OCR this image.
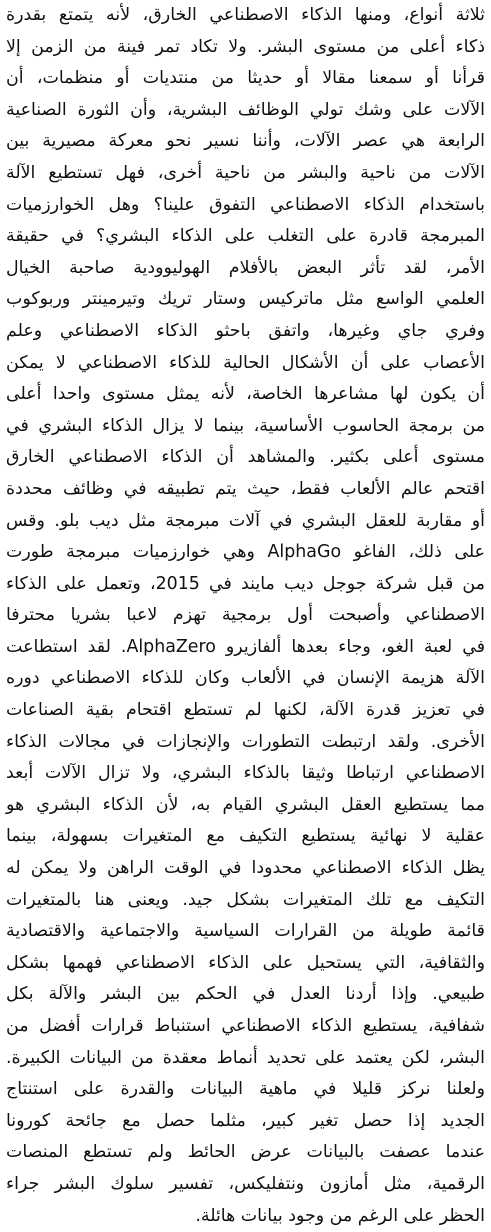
ثلاثة أنواع، ومنها الذكاء الاصطناعي الخارق، لأنه يتمتع بقدرة
ذكاء أعلى من مستوى البشر. ولا تكاد تمر فينة من الزمن إلا
قرأنا أو سمعنا مقالا أو حديثا من منتديات أو منظمات، أن
الآلات على وشك تولي الوظائف البشرية، وأن الثورة الصناعية
الرابعة هي عصر الآلات، وأننا نسير نحو معركة مصيرية بين
الآلات من ناحية والبشر من ناحية أخرى، فهل تستطيع الآلة
باستخدام الذكاء الاصطناعي التفوق علينا؟ وهل الخوارزميات
المبرمجة قادرة على التغلب على الذكاء البشري؟ في حقيقة
الأمر، لقد تأثر البعض بالأفلام الهوليوودية صاحبة الخيال
العلمي الواسع مثل ماتركيس وستار تريك وتيرمينتر وربوكوب
وفري جاي وغيرها، واتفق باحثو الذكاء الاصطناعي وعلم
الأعصاب على أن الأشكال الحالية للذكاء الاصطناعي لا يمكن
أن يكون لها مشاعرها الخاصة، لأنه يمثل مستوى واحدا أعلى
من برمجة الحاسوب الأساسية، بينما لا يزال الذكاء البشري في
مستوى أعلى بكثير. والمشاهد أن الذكاء الاصطناعي الخارق
اقتحم عالم الألعاب فقط، حيث يتم تطبيقه في وظائف محددة
أو مقاربة للعقل البشري في آلات مبرمجة مثل ديب بلو. وقس
على ذلك، الفاغو AlphaGo وهي خوارزميات مبرمجة طورت
من قبل شركة جوجل ديب مايند في 2015، وتعمل على الذكاء
الاصطناعي وأصبحت أول برمجية تهزم لاعبا بشريا محترفا
في لعبة الغو، وجاء بعدها ألفازيرو AlphaZero. لقد استطاعت
الآلة هزيمة الإنسان في الألعاب وكان للذكاء الاصطناعي دوره
في تعزيز قدرة الآلة، لكنها لم تستطع اقتحام بقية الصناعات
الأخرى. ولقد ارتبطت التطورات والإنجازات في مجالات الذكاء
الاصطناعي ارتباطا وثيقا بالذكاء البشري، ولا تزال الآلات أبعد
مما يستطيع العقل البشري القيام به، لأن الذكاء البشري هو
عقلية لا نهائية يستطيع التكيف مع المتغيرات بسهولة، بينما
يظل الذكاء الاصطناعي محدودا في الوقت الراهن ولا يمكن له
التكيف مع تلك المتغيرات بشكل جيد. ويعنى هنا بالمتغيرات
قائمة طويلة من القرارات السياسية والاجتماعية والاقتصادية
والثقافية، التي يستحيل على الذكاء الاصطناعي فهمها بشكل
طبيعي. وإذا أردنا العدل في الحكم بين البشر والآلة بكل
شفافية، يستطيع الذكاء الاصطناعي استنباط قرارات أفضل من
البشر، لكن يعتمد على تحديد أنماط معقدة من البيانات الكبيرة.
ولعلنا نركز قليلا في ماهية البيانات والقدرة على استنتاج
الجديد إذا حصل تغير كبير، مثلما حصل مع جائحة كورونا
عندما عصفت بالبيانات عرض الحائط ولم تستطع المنصات
الرقمية، مثل أمازون ونتفليكس، تفسير سلوك البشر جراء
الحظر على الرغم من وجود بيانات هائلة.
